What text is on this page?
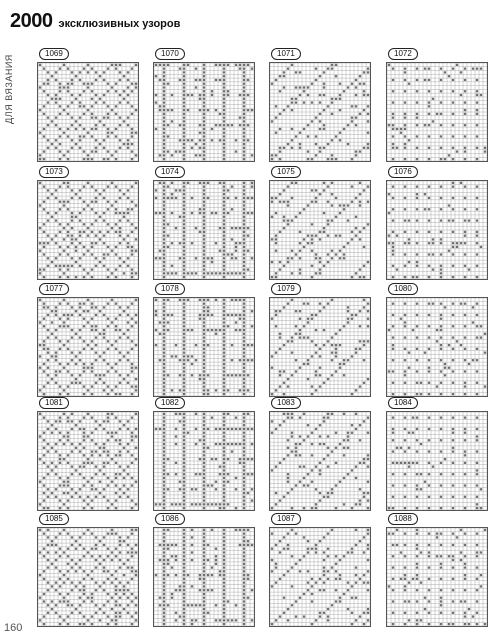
2000 эксклюзивных узоров
ДЛЯ ВЯЗАНИЯ
1069	1070	1071	1072
1073	1074	1075	1076
1077	1078	1079	1080
1081	1082	1083	1084
1085	1086	1087	1088
160
